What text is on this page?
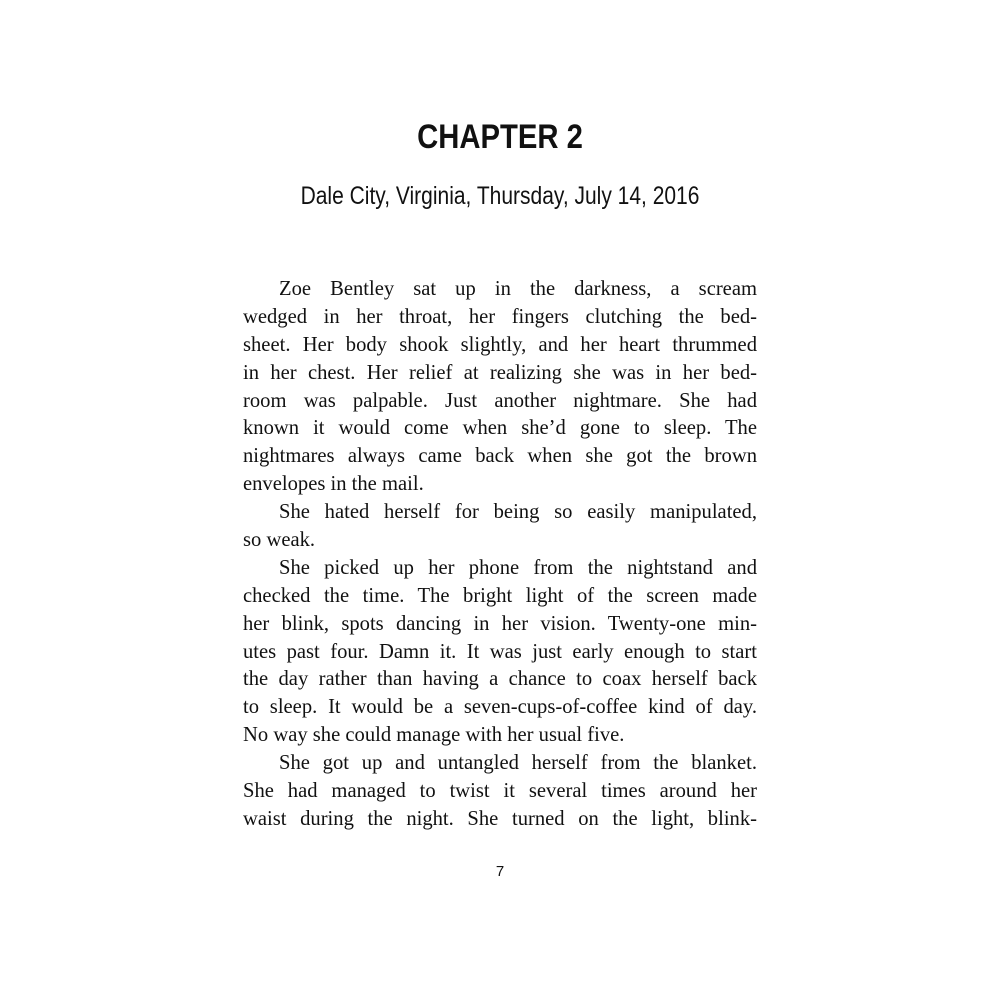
CHAPTER 2
Dale City, Virginia, Thursday, July 14, 2016
Zoe Bentley sat up in the darkness, a scream
wedged in her throat, her fingers clutching the bed-
sheet. Her body shook slightly, and her heart thrummed
in her chest. Her relief at realizing she was in her bed-
room was palpable. Just another nightmare. She had
known it would come when she’d gone to sleep. The
nightmares always came back when she got the brown
envelopes in the mail.
She hated herself for being so easily manipulated,
so weak.
She picked up her phone from the nightstand and
checked the time. The bright light of the screen made
her blink, spots dancing in her vision. Twenty-one min-
utes past four. Damn it. It was just early enough to start
the day rather than having a chance to coax herself back
to sleep. It would be a seven-cups-of-coffee kind of day.
No way she could manage with her usual five.
She got up and untangled herself from the blanket.
She had managed to twist it several times around her
waist during the night. She turned on the light, blink-
7
